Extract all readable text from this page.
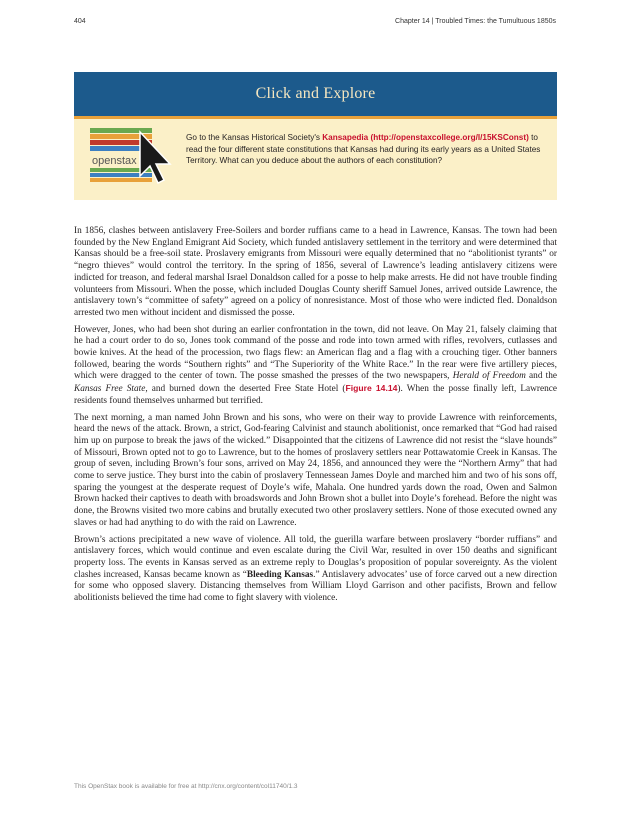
404	Chapter 14 | Troubled Times: the Tumultuous 1850s
Click and Explore
openstax
Go to the Kansas Historical Society's Kansapedia (http://openstaxcollege.org/l/15KSConst) to read the four different state constitutions that Kansas had during its early years as a United States Territory. What can you deduce about the authors of each constitution?

In 1856, clashes between antislavery Free-Soilers and border ruffians came to a head in Lawrence, Kansas. The town had been founded by the New England Emigrant Aid Society, which funded antislavery settlement in the territory and were determined that Kansas should be a free-soil state. Proslavery emigrants from Missouri were equally determined that no “abolitionist tyrants” or “negro thieves” would control the territory. In the spring of 1856, several of Lawrence’s leading antislavery citizens were indicted for treason, and federal marshal Israel Donaldson called for a posse to help make arrests. He did not have trouble finding volunteers from Missouri. When the posse, which included Douglas County sheriff Samuel Jones, arrived outside Lawrence, the antislavery town’s “committee of safety” agreed on a policy of nonresistance. Most of those who were indicted fled. Donaldson arrested two men without incident and dismissed the posse.

However, Jones, who had been shot during an earlier confrontation in the town, did not leave. On May 21, falsely claiming that he had a court order to do so, Jones took command of the posse and rode into town armed with rifles, revolvers, cutlasses and bowie knives. At the head of the procession, two flags flew: an American flag and a flag with a crouching tiger. Other banners followed, bearing the words “Southern rights” and “The Superiority of the White Race.” In the rear were five artillery pieces, which were dragged to the center of town. The posse smashed the presses of the two newspapers, Herald of Freedom and the Kansas Free State, and burned down the deserted Free State Hotel (Figure 14.14). When the posse finally left, Lawrence residents found themselves unharmed but terrified.

The next morning, a man named John Brown and his sons, who were on their way to provide Lawrence with reinforcements, heard the news of the attack. Brown, a strict, God-fearing Calvinist and staunch abolitionist, once remarked that “God had raised him up on purpose to break the jaws of the wicked.” Disappointed that the citizens of Lawrence did not resist the “slave hounds” of Missouri, Brown opted not to go to Lawrence, but to the homes of proslavery settlers near Pottawatomie Creek in Kansas. The group of seven, including Brown’s four sons, arrived on May 24, 1856, and announced they were the “Northern Army” that had come to serve justice. They burst into the cabin of proslavery Tennessean James Doyle and marched him and two of his sons off, sparing the youngest at the desperate request of Doyle’s wife, Mahala. One hundred yards down the road, Owen and Salmon Brown hacked their captives to death with broadswords and John Brown shot a bullet into Doyle’s forehead. Before the night was done, the Browns visited two more cabins and brutally executed two other proslavery settlers. None of those executed owned any slaves or had had anything to do with the raid on Lawrence.

Brown’s actions precipitated a new wave of violence. All told, the guerilla warfare between proslavery “border ruffians” and antislavery forces, which would continue and even escalate during the Civil War, resulted in over 150 deaths and significant property loss. The events in Kansas served as an extreme reply to Douglas’s proposition of popular sovereignty. As the violent clashes increased, Kansas became known as “Bleeding Kansas.” Antislavery advocates’ use of force carved out a new direction for some who opposed slavery. Distancing themselves from William Lloyd Garrison and other pacifists, Brown and fellow abolitionists believed the time had come to fight slavery with violence.

This OpenStax book is available for free at http://cnx.org/content/col11740/1.3
